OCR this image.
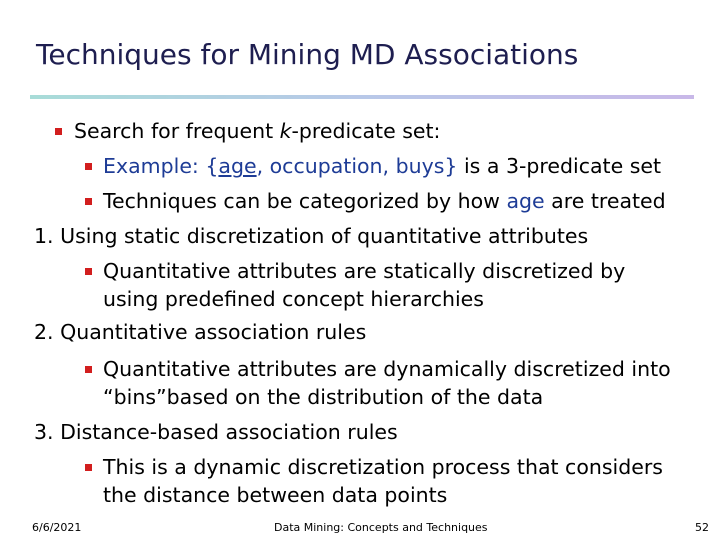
Techniques for Mining MD Associations
Search for frequent k-predicate set:
Example: {age, occupation, buys} is a 3-predicate set
Techniques can be categorized by how age are treated
1. Using static discretization of quantitative attributes
Quantitative attributes are statically discretized by
using predefined concept hierarchies
2. Quantitative association rules
Quantitative attributes are dynamically discretized into
“bins”based on the distribution of the data
3. Distance-based association rules
This is a dynamic discretization process that considers
the distance between data points
6/6/2021	Data Mining: Concepts and Techniques	52
